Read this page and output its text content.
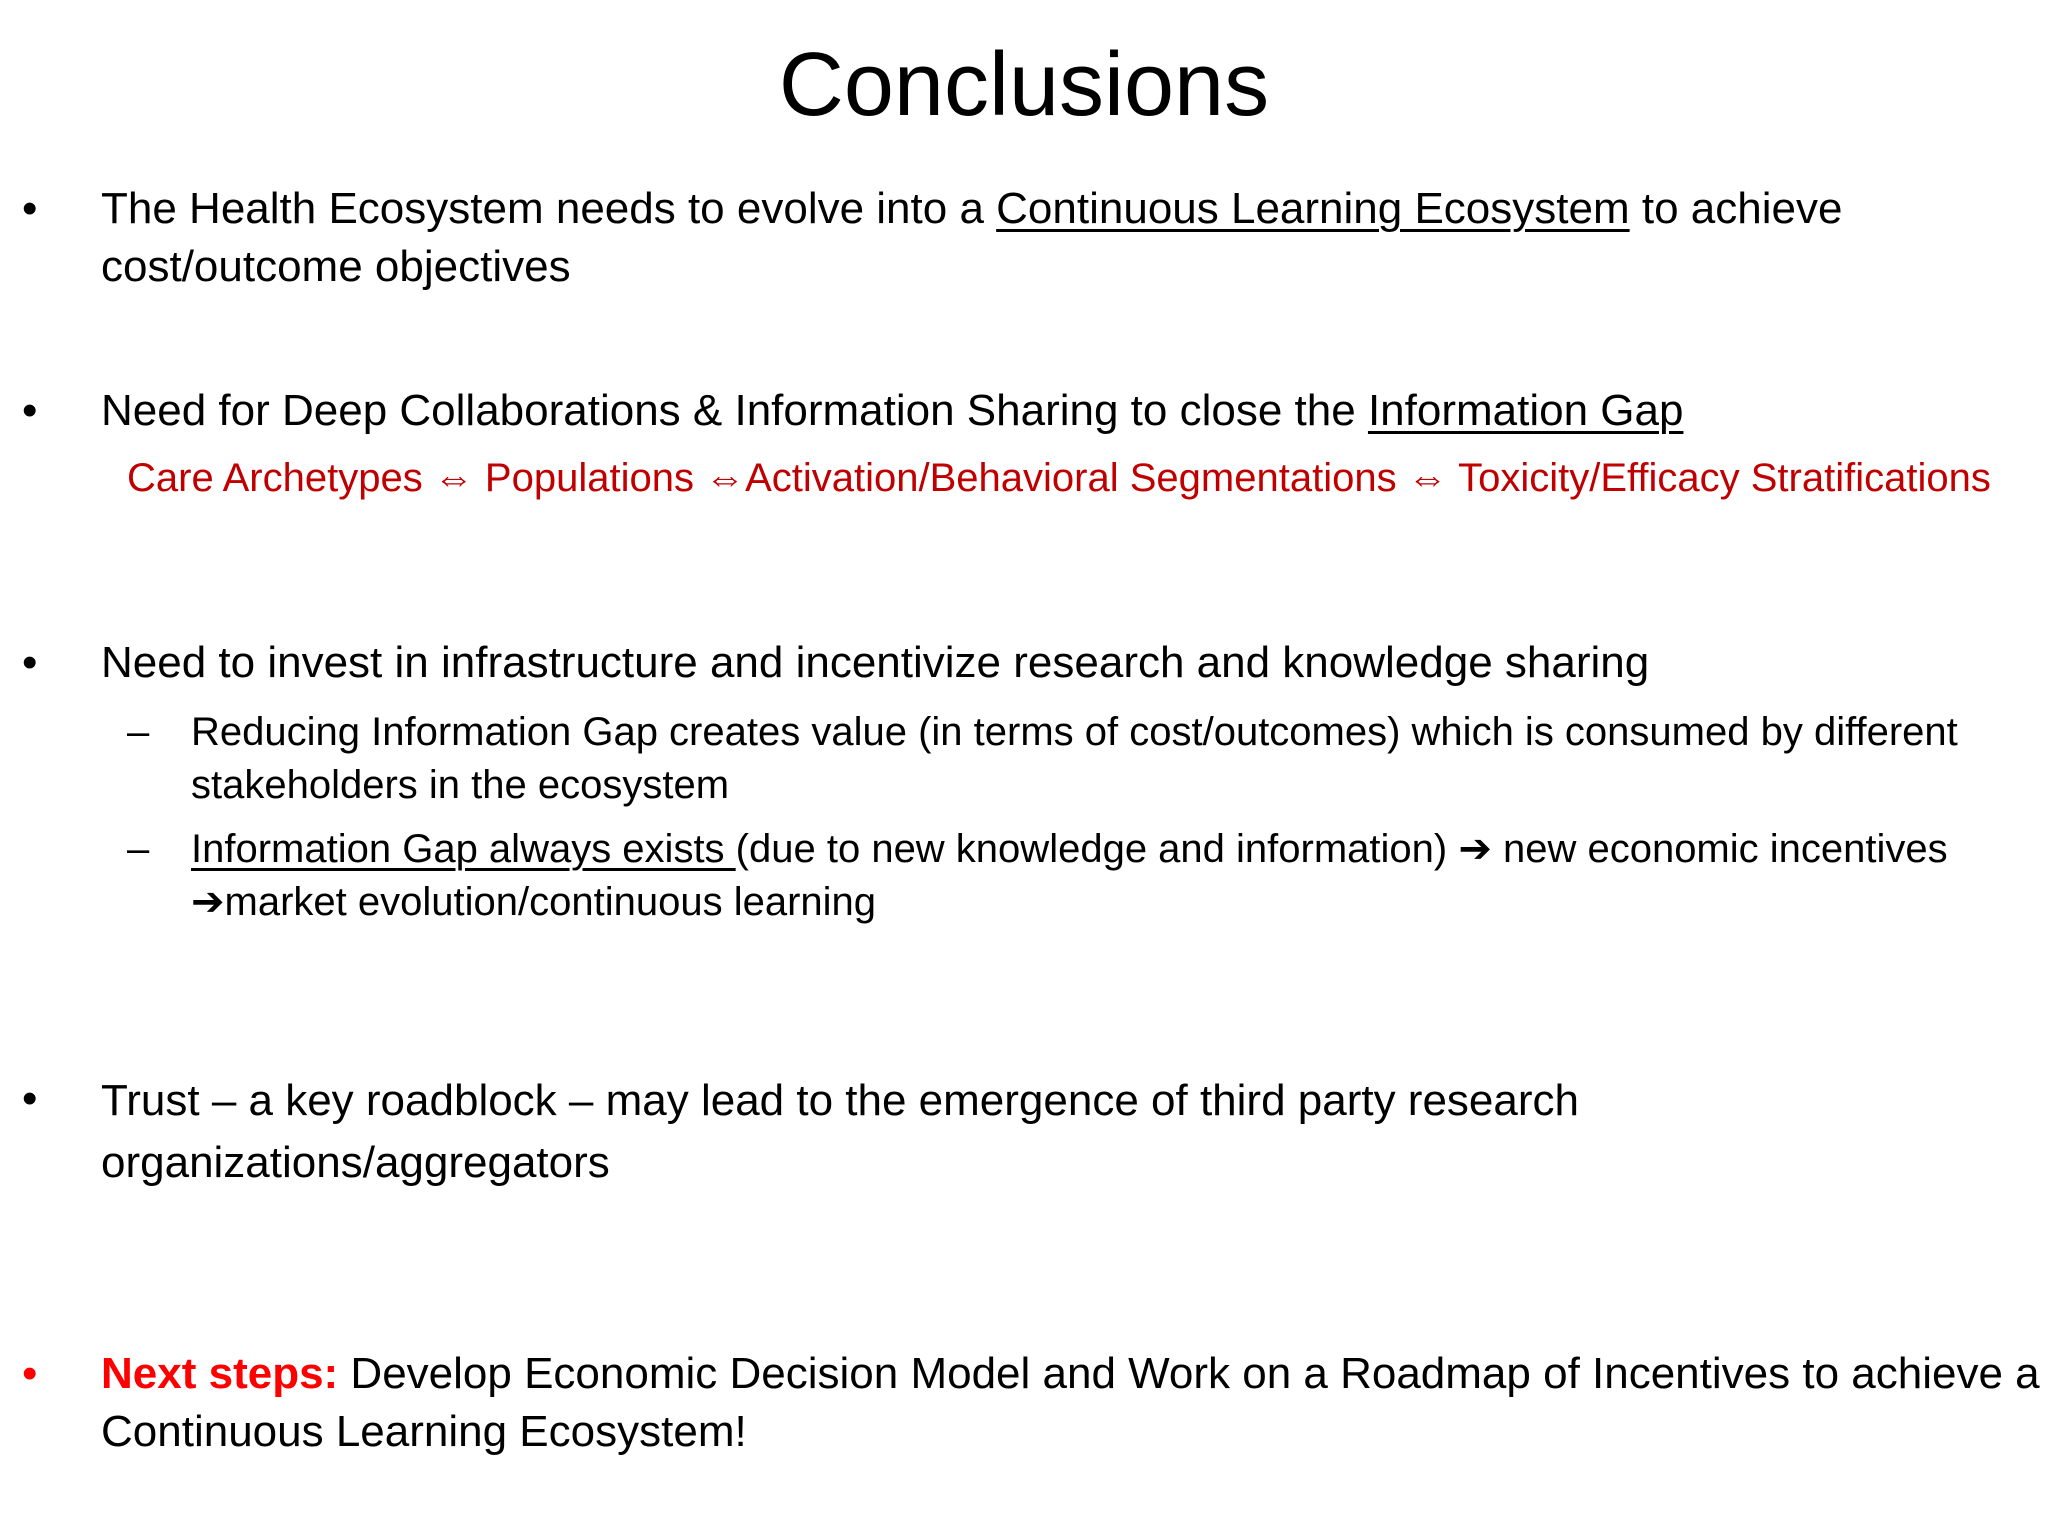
Conclusions
• The Health Ecosystem needs to evolve into a Continuous Learning Ecosystem to achieve cost/outcome objectives
• Need for Deep Collaborations & Information Sharing to close the Information Gap
Care Archetypes ⇔ Populations ⇔Activation/Behavioral Segmentations ⇔ Toxicity/Efficacy Stratifications
• Need to invest in infrastructure and incentivize research and knowledge sharing
– Reducing Information Gap creates value (in terms of cost/outcomes) which is consumed by different stakeholders in the ecosystem
– Information Gap always exists (due to new knowledge and information) ➔ new economic incentives ➔market evolution/continuous learning
• Trust – a key roadblock – may lead to the emergence of third party research organizations/aggregators
• Next steps: Develop Economic Decision Model and Work on a Roadmap of Incentives to achieve a Continuous Learning Ecosystem!
